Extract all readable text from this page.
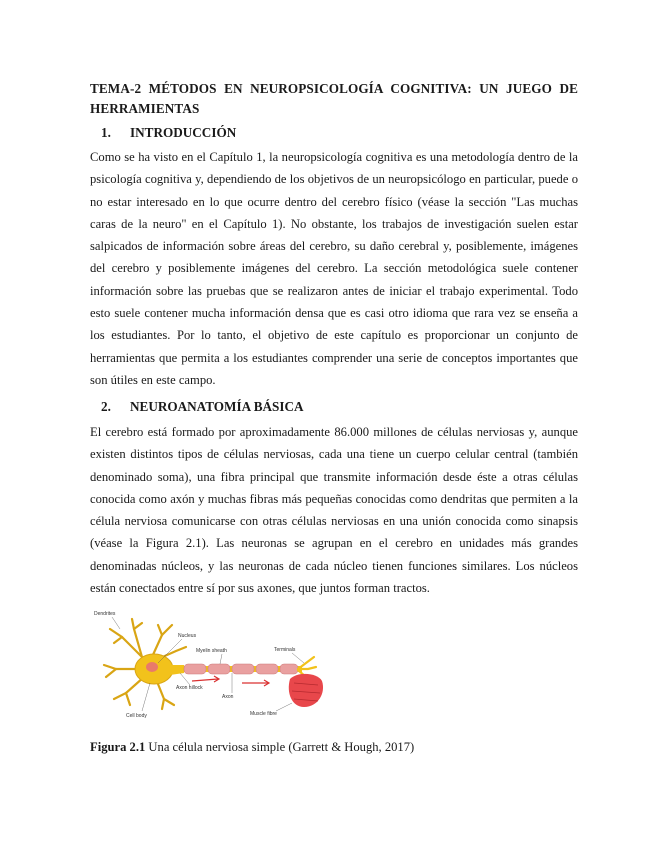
TEMA-2 MÉTODOS EN NEUROPSICOLOGÍA COGNITIVA: UN JUEGO DE
HERRAMIENTAS
1. INTRODUCCIÓN

Como se ha visto en el Capítulo 1, la neuropsicología cognitiva es una metodología dentro de la psicología cognitiva y, dependiendo de los objetivos de un neuropsicólogo en particular, puede o no estar interesado en lo que ocurre dentro del cerebro físico (véase la sección "Las muchas caras de la neuro" en el Capítulo 1). No obstante, los trabajos de investigación suelen estar salpicados de información sobre áreas del cerebro, su daño cerebral y, posiblemente, imágenes del cerebro y posiblemente imágenes del cerebro. La sección metodológica suele contener información sobre las pruebas que se realizaron antes de iniciar el trabajo experimental. Todo esto suele contener mucha información densa que es casi otro idioma que rara vez se enseña a los estudiantes. Por lo tanto, el objetivo de este capítulo es proporcionar un conjunto de herramientas que permita a los estudiantes comprender una serie de conceptos importantes que son útiles en este campo.

2. NEUROANATOMÍA BÁSICA

El cerebro está formado por aproximadamente 86.000 millones de células nerviosas y, aunque existen distintos tipos de células nerviosas, cada una tiene un cuerpo celular central (también denominado soma), una fibra principal que transmite información desde éste a otras células conocida como axón y muchas fibras más pequeñas conocidas como dendritas que permiten a la célula nerviosa comunicarse con otras células nerviosas en una unión conocida como sinapsis (véase la Figura 2.1). Las neuronas se agrupan en el cerebro en unidades más grandes denominadas núcleos, y las neuronas de cada núcleo tienen funciones similares. Los núcleos están conectados entre sí por sus axones, que juntos forman tractos.

Dendrites
Nucleus
Myelin sheath	Terminals
Axon hillock
Axon
Cell body	Muscle fibre
Figura 2.1 Una célula nerviosa simple (Garrett & Hough, 2017)
